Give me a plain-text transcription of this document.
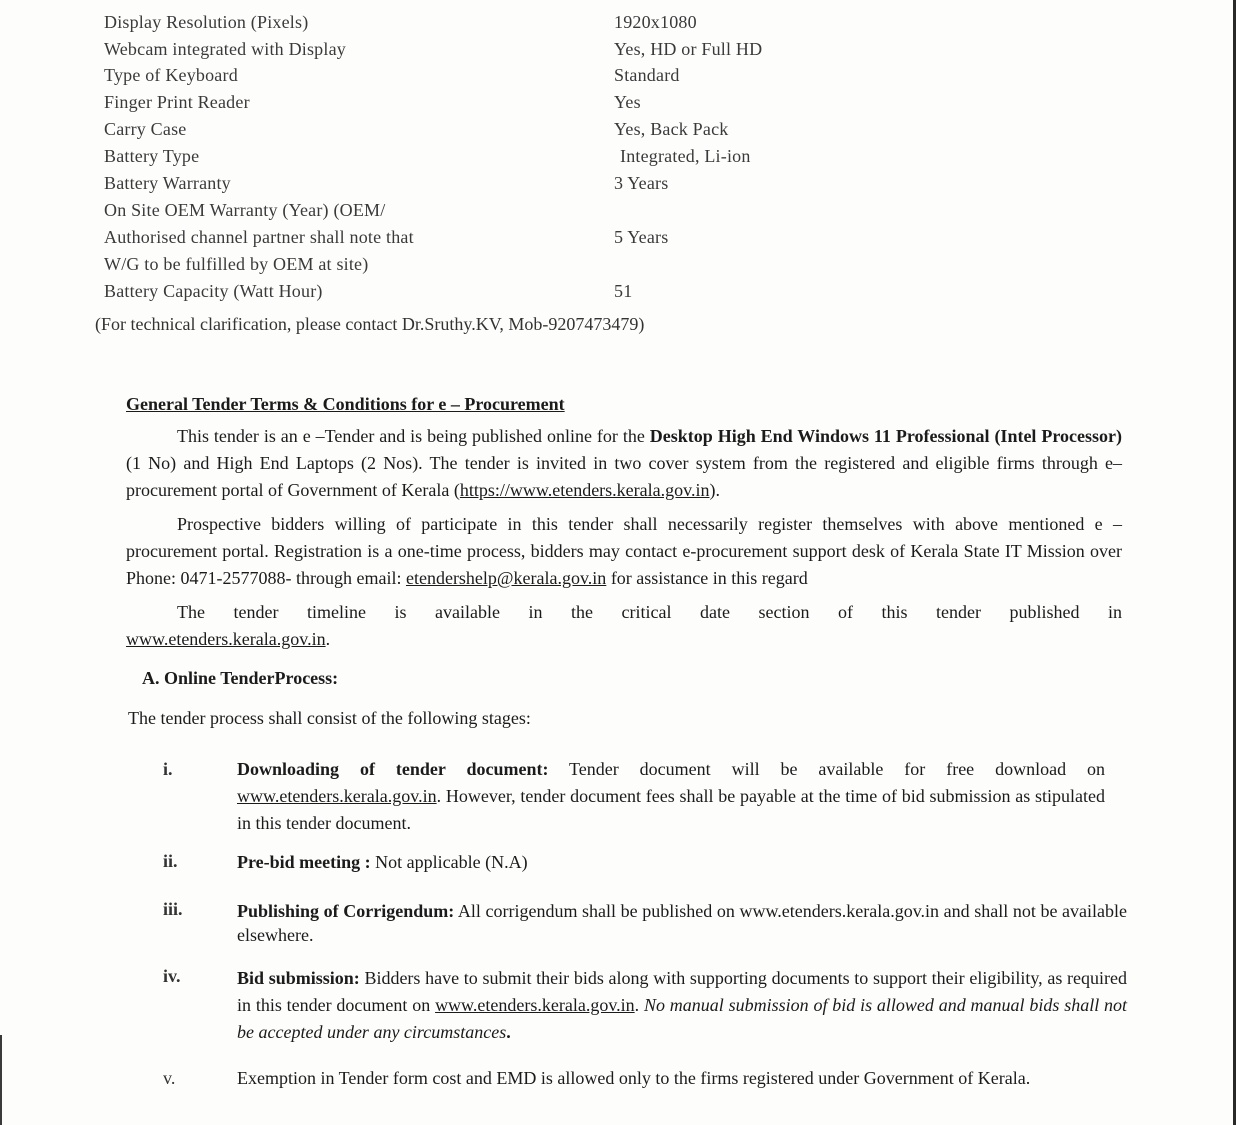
Display Resolution (Pixels)	1920x1080
Webcam integrated with Display	Yes, HD or Full HD
Type of Keyboard	Standard
Finger Print Reader	Yes
Carry Case	Yes, Back Pack
Battery Type	Integrated, Li-ion
Battery Warranty	3 Years
On Site OEM Warranty (Year) (OEM/
Authorised channel partner shall note that	5 Years
W/G to be fulfilled by OEM at site)
Battery Capacity (Watt Hour)	51
(For technical clarification, please contact Dr.Sruthy.KV, Mob-9207473479)
General Tender Terms & Conditions for e – Procurement
This tender is an e –Tender and is being published online for the Desktop High End Windows 11 Professional (Intel Processor) (1 No) and High End Laptops (2 Nos). The tender is invited in two cover system from the registered and eligible firms through e– procurement portal of Government of Kerala (https://www.etenders.kerala.gov.in).
Prospective bidders willing of participate in this tender shall necessarily register themselves with above mentioned e – procurement portal. Registration is a one-time process, bidders may contact e-procurement support desk of Kerala State IT Mission over Phone: 0471-2577088- through email: etendershelp@kerala.gov.in for assistance in this regard
The tender timeline is available in the critical date section of this tender published in
www.etenders.kerala.gov.in.
A. Online TenderProcess:
The tender process shall consist of the following stages:
i.	Downloading of tender document: Tender document will be available for free download on www.etenders.kerala.gov.in. However, tender document fees shall be payable at the time of bid submission as stipulated in this tender document.
ii.	Pre-bid meeting : Not applicable (N.A)
iii.	Publishing of Corrigendum: All corrigendum shall be published on www.etenders.kerala.gov.in and shall not be available elsewhere.
iv.	Bid submission: Bidders have to submit their bids along with supporting documents to support their eligibility, as required in this tender document on www.etenders.kerala.gov.in. No manual submission of bid is allowed and manual bids shall not be accepted under any circumstances.
v.	Exemption in Tender form cost and EMD is allowed only to the firms registered under Government of Kerala.
